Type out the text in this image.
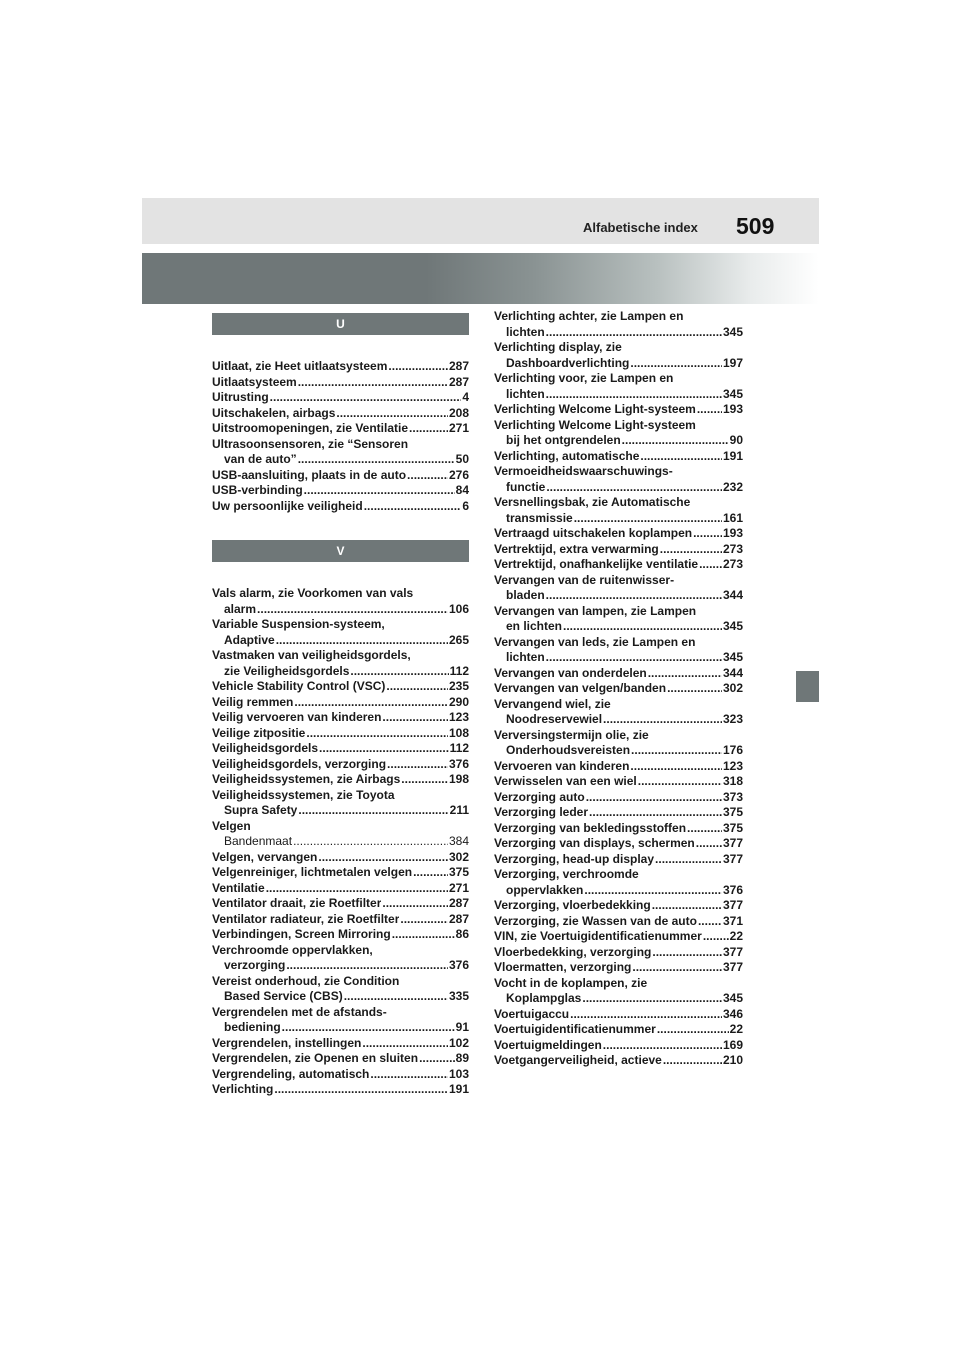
Alfabetische index 509
U
Uitlaat, zie Heet uitlaatsysteem .....	287
Uitlaatsysteem .....	287
Uitrusting .....	4
Uitschakelen, airbags .....	208
Uitstroomopeningen, zie Ventilatie .....	271
Ultrasoonsensoren, zie “Sensoren
van de auto” .....	50
USB-aansluiting, plaats in de auto .....	276
USB-verbinding .....	84
Uw persoonlijke veiligheid .....	6
V
Vals alarm, zie Voorkomen van vals
alarm .....	106
Variable Suspension-systeem,
Adaptive .....	265
Vastmaken van veiligheidsgordels,
zie Veiligheidsgordels .....	112
Vehicle Stability Control (VSC) .....	235
Veilig remmen .....	290
Veilig vervoeren van kinderen .....	123
Veilige zitpositie .....	108
Veiligheidsgordels .....	112
Veiligheidsgordels, verzorging .....	376
Veiligheidssystemen, zie Airbags .....	198
Veiligheidssystemen, zie Toyota
Supra Safety .....	211
Velgen
Bandenmaat .....	384
Velgen, vervangen .....	302
Velgenreiniger, lichtmetalen velgen .....	375
Ventilatie .....	271
Ventilator draait, zie Roetfilter .....	287
Ventilator radiateur, zie Roetfilter .....	287
Verbindingen, Screen Mirroring .....	86
Verchroomde oppervlakken,
verzorging .....	376
Vereist onderhoud, zie Condition
Based Service (CBS) .....	335
Vergrendelen met de afstands-
bediening .....	91
Vergrendelen, instellingen .....	102
Vergrendelen, zie Openen en sluiten .....	89
Vergrendeling, automatisch .....	103
Verlichting .....	191
Verlichting achter, zie Lampen en
lichten .....	345
Verlichting display, zie
Dashboardverlichting .....	197
Verlichting voor, zie Lampen en
lichten .....	345
Verlichting Welcome Light-systeem ..... 193
Verlichting Welcome Light-systeem
bij het ontgrendelen .....	90
Verlichting, automatische .....	191
Vermoeidheidswaarschuwings-
functie .....	232
Versnellingsbak, zie Automatische
transmissie .....	161
Vertraagd uitschakelen koplampen .....	193
Vertrektijd, extra verwarming .....	273
Vertrektijd, onafhankelijke ventilatie ..... 273
Vervangen van de ruitenwisser-
bladen .....	344
Vervangen van lampen, zie Lampen
en lichten .....	345
Vervangen van leds, zie Lampen en
lichten .....	345
Vervangen van onderdelen .....	344
Vervangen van velgen/banden .....	302
Vervangend wiel, zie
Noodreservewiel .....	323
Verversingstermijn olie, zie
Onderhoudsvereisten .....	176
Vervoeren van kinderen .....	123
Verwisselen van een wiel .....	318
Verzorging auto .....	373
Verzorging leder .....	375
Verzorging van bekledingsstoffen .....	375
Verzorging van displays, schermen ..... 377
Verzorging, head-up display .....	377
Verzorging, verchroomde
oppervlakken .....	376
Verzorging, vloerbedekking .....	377
Verzorging, zie Wassen van de auto ..... 371
VIN, zie Voertuigidentificatienummer ..... 22
Vloerbedekking, verzorging .....	377
Vloermatten, verzorging .....	377
Vocht in de koplampen, zie
Koplampglas .....	345
Voertuigaccu .....	346
Voertuigidentificatienummer .....	22
Voertuigmeldingen .....	169
Voetgangerveiligheid, actieve .....	210
